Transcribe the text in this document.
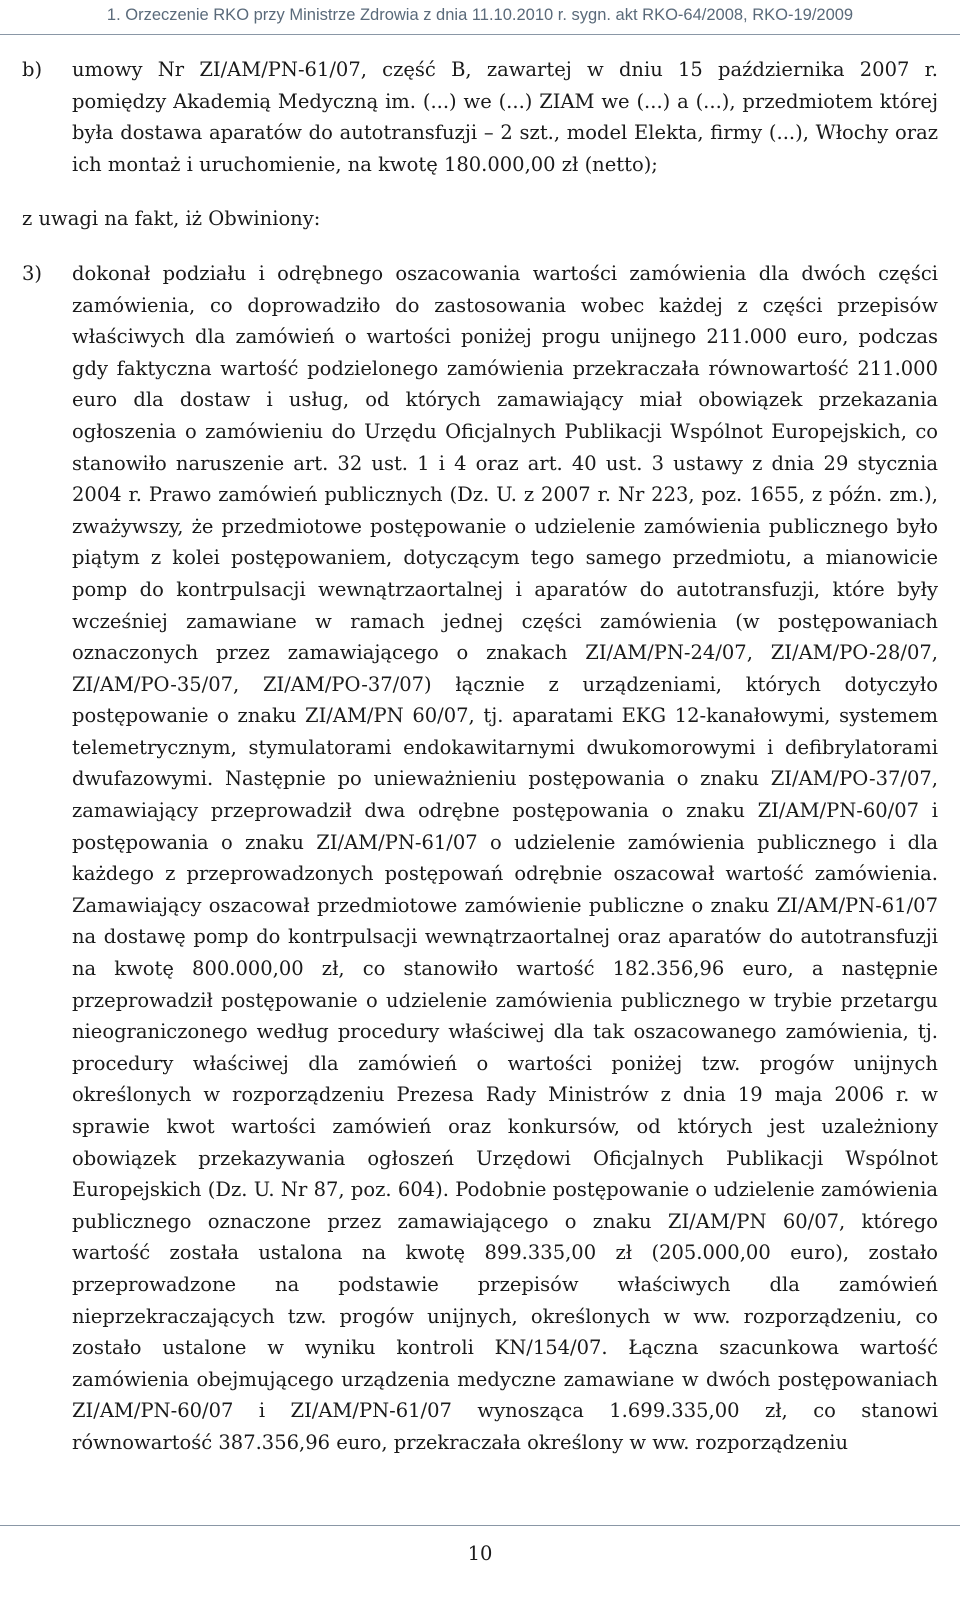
1. Orzeczenie RKO przy Ministrze Zdrowia z dnia 11.10.2010 r. sygn. akt RKO-64/2008, RKO-19/2009
b)	umowy Nr ZI/AM/PN-61/07, część B, zawartej w dniu 15 października 2007 r. pomiędzy Akademią Medyczną im. (...) we (...) ZIAM we (...) a (...), przedmiotem której była dostawa aparatów do autotransfuzji – 2 szt., model Elekta, firmy (...), Włochy oraz ich montaż i uruchomienie, na kwotę 180.000,00 zł (netto);
z uwagi na fakt, iż Obwiniony:
3)	dokonał podziału i odrębnego oszacowania wartości zamówienia dla dwóch części zamówienia, co doprowadziło do zastosowania wobec każdej z części przepisów właściwych dla zamówień o wartości poniżej progu unijnego 211.000 euro, podczas gdy faktyczna wartość podzielonego zamówienia przekraczała równowartość 211.000 euro dla dostaw i usług, od których zamawiający miał obowiązek przekazania ogłoszenia o zamówieniu do Urzędu Oficjalnych Publikacji Wspólnot Europejskich, co stanowiło naruszenie art. 32 ust. 1 i 4 oraz art. 40 ust. 3 ustawy z dnia 29 stycznia 2004 r. Prawo zamówień publicznych (Dz. U. z 2007 r. Nr 223, poz. 1655, z późn. zm.), zważywszy, że przedmiotowe postępowanie o udzielenie zamówienia publicznego było piątym z kolei postępowaniem, dotyczącym tego samego przedmiotu, a mianowicie pomp do kontrpulsacji wewnątrzaortalnej i aparatów do autotransfuzji, które były wcześniej zamawiane w ramach jednej części zamówienia (w postępowaniach oznaczonych przez zamawiającego o znakach ZI/AM/PN-24/07, ZI/AM/PO-28/07, ZI/AM/PO-35/07, ZI/AM/PO-37/07) łącznie z urządzeniami, których dotyczyło postępowanie o znaku ZI/AM/PN 60/07, tj. aparatami EKG 12-kanałowymi, systemem telemetrycznym, stymulatorami endokawitarnymi dwukomorowymi i defibrylatorami dwufazowymi. Następnie po unieważnieniu postępowania o znaku ZI/AM/PO-37/07, zamawiający przeprowadził dwa odrębne postępowania o znaku ZI/AM/PN-60/07 i postępowania o znaku ZI/AM/PN-61/07 o udzielenie zamówienia publicznego i dla każdego z przeprowadzonych postępowań odrębnie oszacował wartość zamówienia. Zamawiający oszacował przedmiotowe zamówienie publiczne o znaku ZI/AM/PN-61/07 na dostawę pomp do kontrpulsacji wewnątrzaortalnej oraz aparatów do autotransfuzji na kwotę 800.000,00 zł, co stanowiło wartość 182.356,96 euro, a następnie przeprowadził postępowanie o udzielenie zamówienia publicznego w trybie przetargu nieograniczonego według procedury właściwej dla tak oszacowanego zamówienia, tj. procedury właściwej dla zamówień o wartości poniżej tzw. progów unijnych określonych w rozporządzeniu Prezesa Rady Ministrów z dnia 19 maja 2006 r. w sprawie kwot wartości zamówień oraz konkursów, od których jest uzależniony obowiązek przekazywania ogłoszeń Urzędowi Oficjalnych Publikacji Wspólnot Europejskich (Dz. U. Nr 87, poz. 604). Podobnie postępowanie o udzielenie zamówienia publicznego oznaczone przez zamawiającego o znaku ZI/AM/PN 60/07, którego wartość została ustalona na kwotę 899.335,00 zł (205.000,00 euro), zostało przeprowadzone na podstawie przepisów właściwych dla zamówień nieprzekraczających tzw. progów unijnych, określonych w ww. rozporządzeniu, co zostało ustalone w wyniku kontroli KN/154/07. Łączna szacunkowa wartość zamówienia obejmującego urządzenia medyczne zamawiane w dwóch postępowaniach ZI/AM/PN-60/07 i ZI/AM/PN-61/07 wynosząca 1.699.335,00 zł, co stanowi równowartość 387.356,96 euro, przekraczała określony w ww. rozporządzeniu
10
